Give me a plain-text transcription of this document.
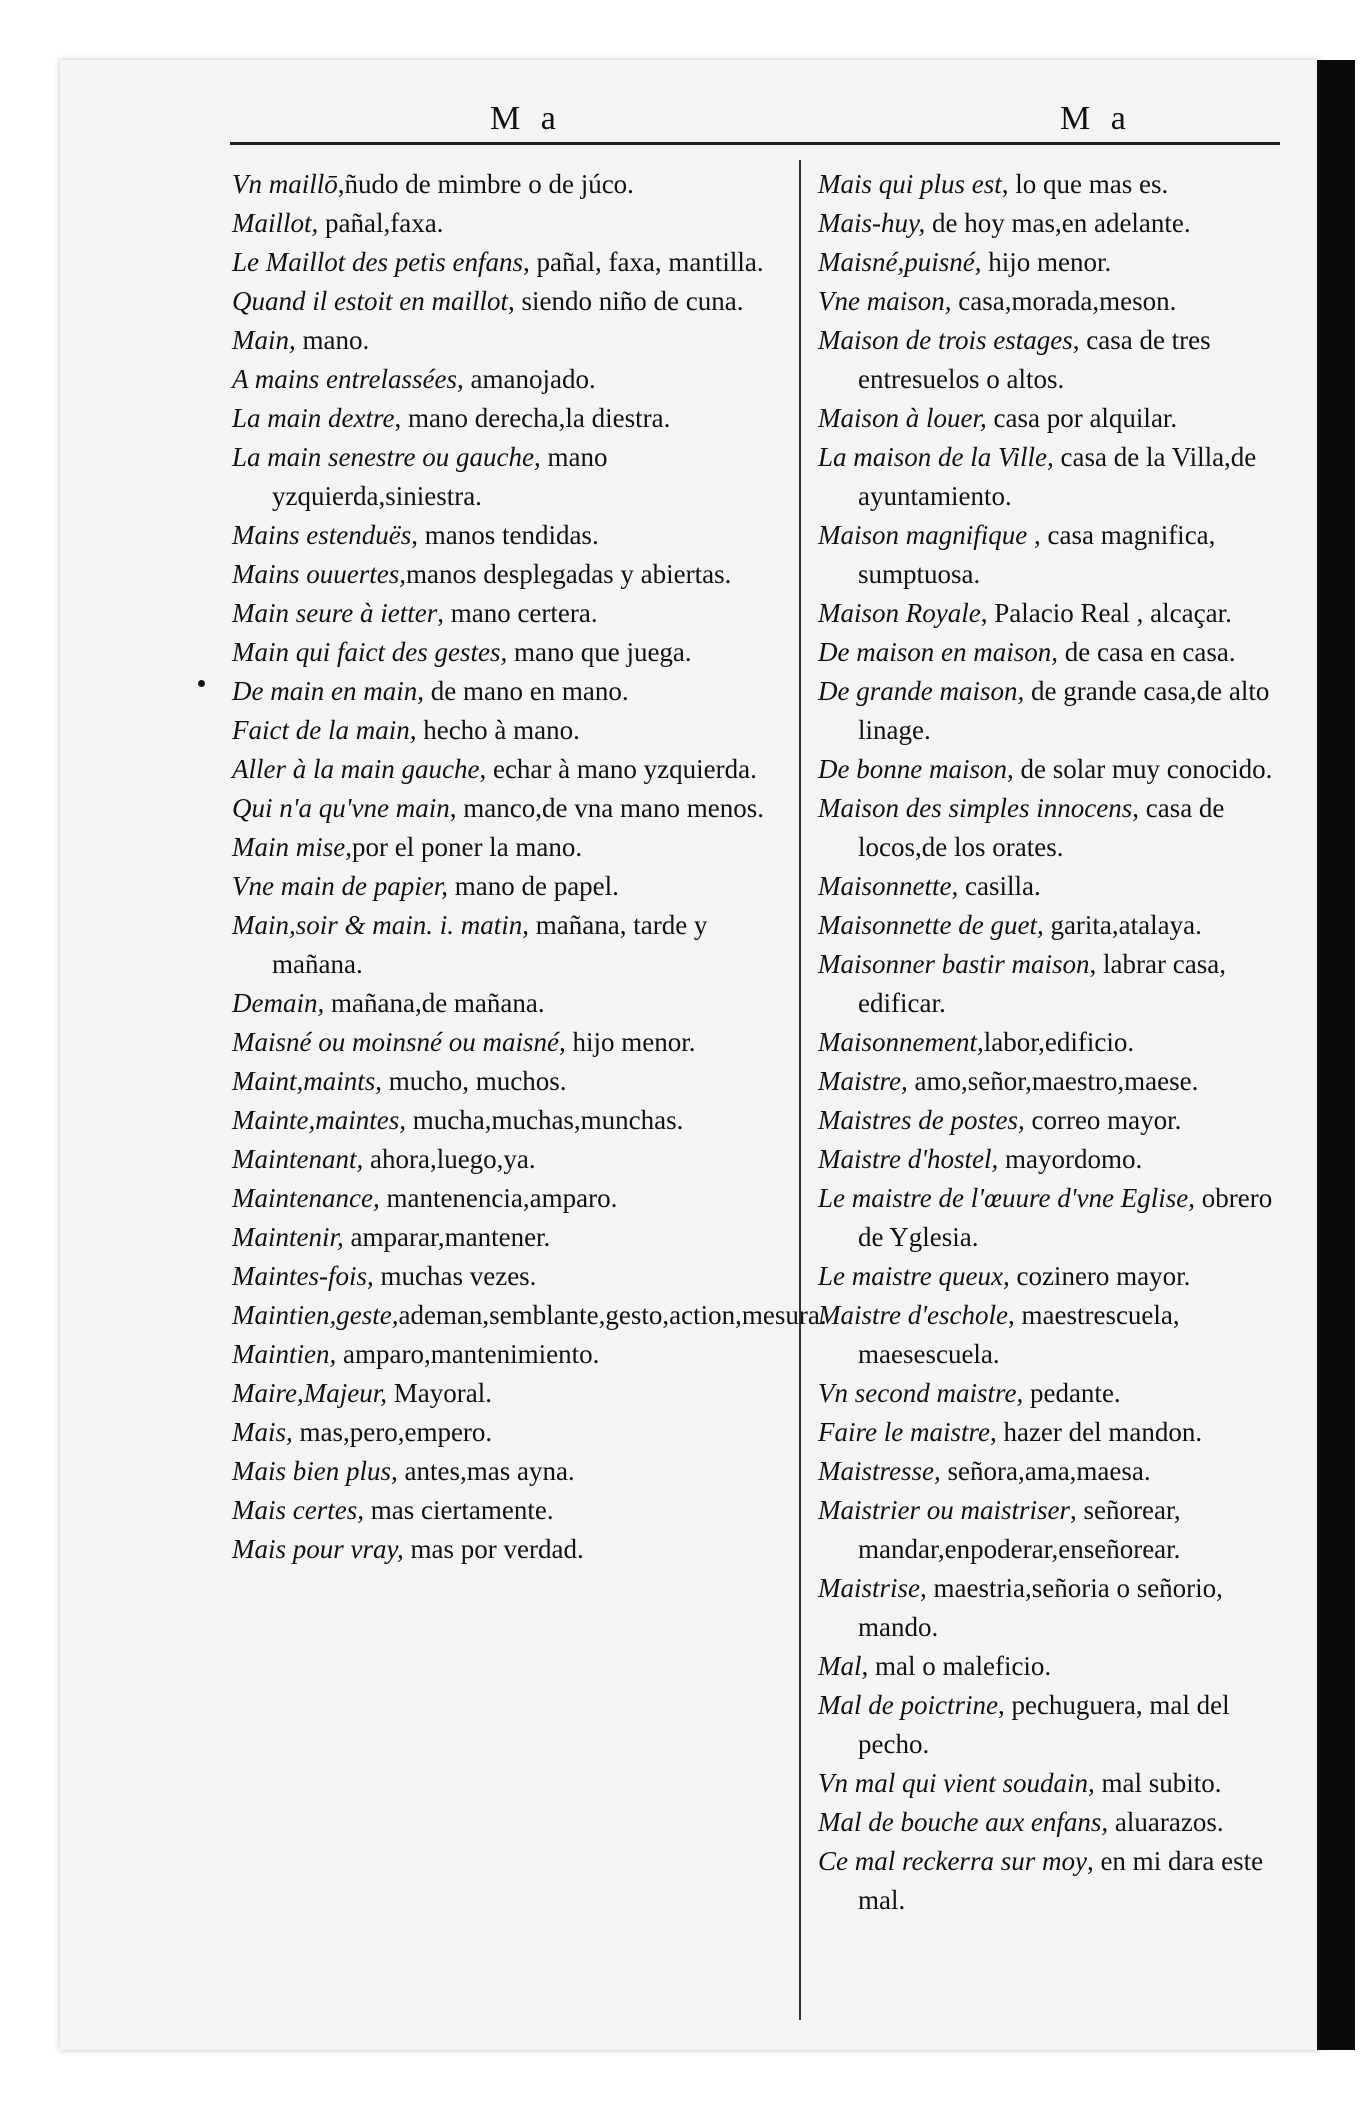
M a	M a
Vn maillō,ñudo de mimbre o de júco.
Maillot, pañal,faxa.
Le Maillot des petis enfans, pañal, faxa, mantilla.
Quand il estoit en maillot, siendo niño de cuna.
Main, mano.
A mains entrelassées, amanojado.
La main dextre, mano derecha,la diestra.
La main senestre ou gauche, mano yzquierda,siniestra.
Mains estenduës, manos tendidas.
Mains ouuertes,manos desplegadas y abiertas.
Main seure à ietter, mano certera.
Main qui faict des gestes, mano que juega.
De main en main, de mano en mano.
Faict de la main, hecho à mano.
Aller à la main gauche, echar à mano yzquierda.
Qui n'a qu'vne main, manco,de vna mano menos.
Main mise,por el poner la mano.
Vne main de papier, mano de papel.
Main,soir & main. i. matin, mañana, tarde y mañana.
Demain, mañana,de mañana.
Maisné ou moinsné ou maisné, hijo menor.
Maint,maints, mucho, muchos.
Mainte,maintes, mucha,muchas,munchas.
Maintenant, ahora,luego,ya.
Maintenance, mantenencia,amparo.
Maintenir, amparar,mantener.
Maintes-fois, muchas vezes.
Maintien,geste,ademan,semblante,gesto,action,mesura.
Maintien, amparo,mantenimiento.
Maire,Majeur, Mayoral.
Mais, mas,pero,empero.
Mais bien plus, antes,mas ayna.
Mais certes, mas ciertamente.
Mais pour vray, mas por verdad.
Mais qui plus est, lo que mas es.
Mais-huy, de hoy mas,en adelante.
Maisné,puisné, hijo menor.
Vne maison, casa,morada,meson.
Maison de trois estages, casa de tres entresuelos o altos.
Maison à louer, casa por alquilar.
La maison de la Ville, casa de la Villa,de ayuntamiento.
Maison magnifique , casa magnifica, sumptuosa.
Maison Royale, Palacio Real , alcaçar.
De maison en maison, de casa en casa.
De grande maison, de grande casa,de alto linage.
De bonne maison, de solar muy conocido.
Maison des simples innocens, casa de locos,de los orates.
Maisonnette, casilla.
Maisonnette de guet, garita,atalaya.
Maisonner bastir maison, labrar casa, edificar.
Maisonnement,labor,edificio.
Maistre, amo,señor,maestro,maese.
Maistres de postes, correo mayor.
Maistre d'hostel, mayordomo.
Le maistre de l'œuure d'vne Eglise, obrero de Yglesia.
Le maistre queux, cozinero mayor.
Maistre d'eschole, maestrescuela, maesescuela.
Vn second maistre, pedante.
Faire le maistre, hazer del mandon.
Maistresse, señora,ama,maesa.
Maistrier ou maistriser, señorear, mandar,enpoderar,enseñorear.
Maistrise, maestria,señoria o señorio, mando.
Mal, mal o maleficio.
Mal de poictrine, pechuguera, mal del pecho.
Vn mal qui vient soudain, mal subito.
Mal de bouche aux enfans, aluarazos.
Ce mal reckerra sur moy, en mi dara este mal.
